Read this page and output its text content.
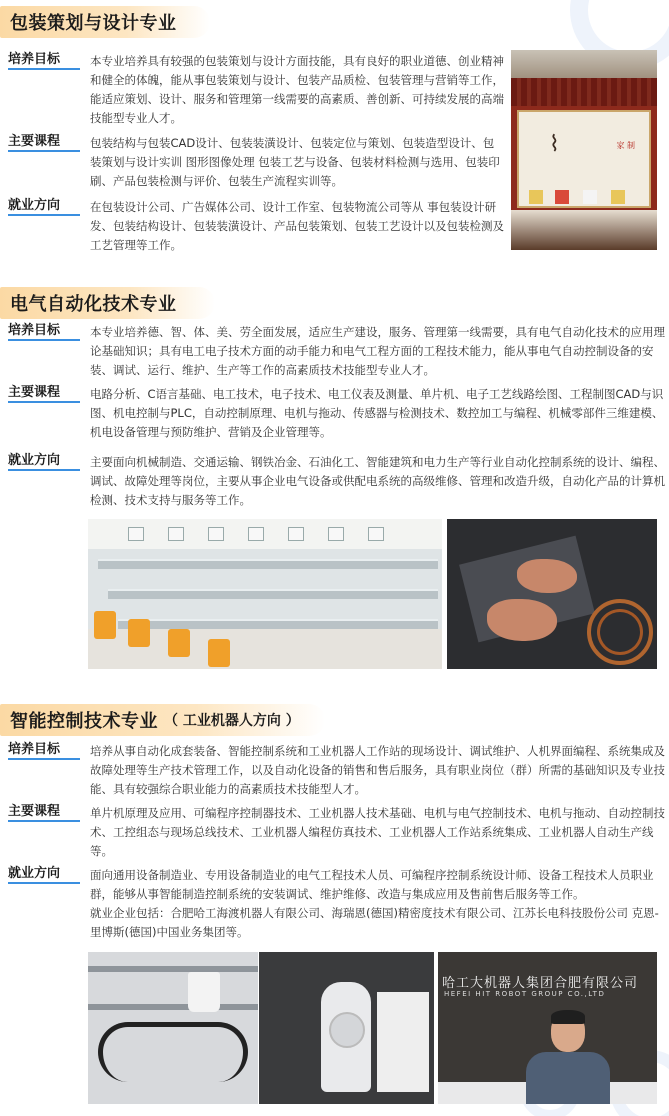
包装策划与设计专业
培养目标	本专业培养具有较强的包装策划与设计方面技能，具有良好的职业道德、创业精神和健全的体魄，能从事包装策划与设计、包装产品质检、包装管理与营销等工作，能适应策划、设计、服务和管理第一线需要的高素质、善创新、可持续发展的高端技能型专业人才。
主要课程	包装结构与包装CAD设计、包装装潢设计、包装定位与策划、包装造型设计、包装策划与设计实训 图形图像处理 包装工艺与设备、包装材料检测与选用、包装印刷、产品包装检测与评价、包装生产流程实训等。
就业方向	在包装设计公司、广告媒体公司、设计工作室、包装物流公司等从 事包装设计研发、包装结构设计、包装装潢设计、产品包装策划、包装工艺设计以及包装检测及工艺管理等工作。
⌇	家 制
电气自动化技术专业
培养目标	本专业培养德、智、体、美、劳全面发展，适应生产建设，服务、管理第一线需要，具有电气自动化技术的应用理论基础知识；具有电工电子技术方面的动手能力和电气工程方面的工程技术能力，能从事电气自动控制设备的安装、调试、运行、维护、生产等工作的高素质技术技能型专业人才。
主要课程	电路分析、C语言基础、电工技术，电子技术、电工仪表及测量、单片机、电子工艺线路绘图、工程制图CAD与识图、机电控制与PLC，自动控制原理、电机与拖动、传感器与检测技术、数控加工与编程、机械零部件三维建模、机电设备管理与预防维护、营销及企业管理等。
就业方向	主要面向机械制造、交通运输、钢铁冶金、石油化工、智能建筑和电力生产等行业自动化控制系统的设计、编程、调试、故障处理等岗位，主要从事企业电气设备或供配电系统的高级维修、管理和改造升级，自动化产品的计算机检测、技术支持与服务等工作。
智能控制技术专业 （ 工业机器人方向 ）
培养目标	培养从事自动化成套装备、智能控制系统和工业机器人工作站的现场设计、调试维护、人机界面编程、系统集成及故障处理等生产技术管理工作，以及自动化设备的销售和售后服务，具有职业岗位（群）所需的基础知识及专业技能、具有较强综合职业能力的高素质技术技能型人才。
主要课程	单片机原理及应用、可编程序控制器技术、工业机器人技术基础、电机与电气控制技术、电机与拖动、自动控制技术、工控组态与现场总线技术、工业机器人编程仿真技术、工业机器人工作站系统集成、工业机器人自动生产线等。
就业方向	面向通用设备制造业、专用设备制造业的电气工程技术人员、可编程序控制系统设计师、设备工程技术人员职业群，能够从事智能制造控制系统的安装调试、维护维修、改造与集成应用及售前售后服务等工作。
就业企业包括：合肥哈工海渡机器人有限公司、海瑞恩(德国)精密度技术有限公司、江苏长电科技股份公司 克恩- 里博斯(德国)中国业务集团等。
哈工大机器人集团合肥有限公司
HEFEI HIT ROBOT GROUP CO.,LTD
